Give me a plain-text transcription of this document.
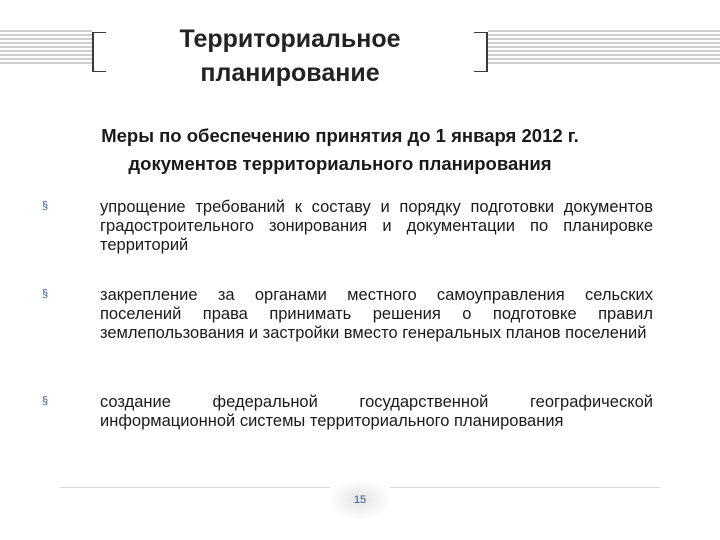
Территориальное
планирование
Меры по обеспечению принятия до 1 января 2012 г.
документов территориального планирования
§	упрощение требований к составу и порядку подготовки документов градостроительного зонирования и документации по планировке территорий
§	закрепление за органами местного самоуправления сельских поселений права принимать решения о подготовке правил землепользования и застройки вместо генеральных планов поселений
§	создание федеральной государственной географической информационной системы территориального планирования
15
